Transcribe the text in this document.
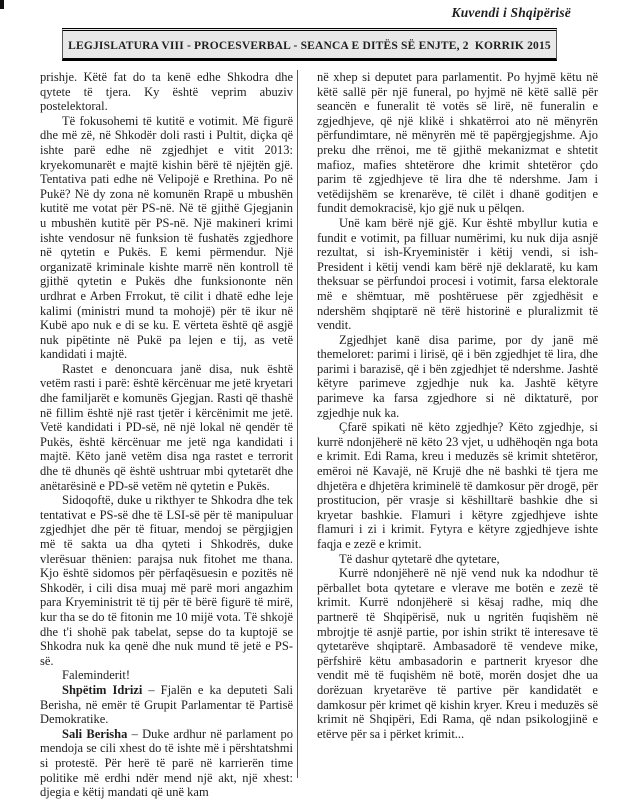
Kuvendi i Shqipërisë
LEGJISLATURA VIII - PROCESVERBAL - SEANCA E DITËS SË ENJTE, 2  KORRIK 2015

prishje. Këtë fat do ta kenë edhe Shkodra dhe qytete të tjera. Ky është veprim abuziv postelektoral.

Të fokusohemi të kutitë e votimit. Më figurë dhe më zë, në Shkodër doli rasti i Pultit, diçka që ishte parë edhe në zgjedhjet e vitit 2013: kryekomunarët e majtë kishin bërë të njëjtën gjë. Tentativa pati edhe në Velipojë e Rrethina. Po në Pukë? Në dy zona në komunën Rrapë u mbushën kutitë me votat për PS-në. Në të gjithë Gjegjanin u mbushën kutitë për PS-në. Një makineri krimi ishte vendosur në funksion të fushatës zgjedhore në qytetin e Pukës. E kemi përmendur. Një organizatë kriminale kishte marrë nën kontroll të gjithë qytetin e Pukës dhe funksiononte nën urdhrat e Arben Frrokut, të cilit i dhatë edhe leje kalimi (ministri mund ta mohojë) për të ikur në Kubë apo nuk e di se ku. E vërteta është që asgjë nuk pipëtinte në Pukë pa lejen e tij, as vetë kandidati i majtë.

Rastet e denoncuara janë disa, nuk është vetëm rasti i parë: është kërcënuar me jetë kryetari dhe familjarët e komunës Gjegjan. Rasti që thashë në fillim është një rast tjetër i kërcënimit me jetë. Vetë kandidati i PD-së, në një lokal në qendër të Pukës, është kërcënuar me jetë nga kandidati i majtë. Këto janë vetëm disa nga rastet e terrorit dhe të dhunës që është ushtruar mbi qytetarët dhe anëtarësinë e PD-së vetëm në qytetin e Pukës.

Sidoqoftë, duke u rikthyer te Shkodra dhe tek tentativat e PS-së dhe të LSI-së për të manipuluar zgjedhjet dhe për të fituar, mendoj se përgjigjen më të sakta ua dha qyteti i Shkodrës, duke vlerësuar thënien: parajsa nuk fitohet me thana. Kjo është sidomos për përfaqësuesin e pozitës në Shkodër, i cili disa muaj më parë mori angazhim para Kryeministrit të tij për të bërë figurë të mirë, kur tha se do të fitonin me 10 mijë vota. Të shkojë dhe t'i shohë pak tabelat, sepse do ta kuptojë se Shkodra nuk ka qenë dhe nuk mund të jetë e PS-së.

Faleminderit!

Shpëtim Idrizi – Fjalën e ka deputeti Sali Berisha, në emër të Grupit Parlamentar të Partisë Demokratike.

Sali Berisha – Duke ardhur në parlament po mendoja se cili xhest do të ishte më i përshtatshmi si protestë. Për herë të parë në karrierën time politike më erdhi ndër mend një akt, një xhest: djegia e këtij mandati që unë kam

në xhep si deputet para parlamentit. Po hyjmë këtu në këtë sallë për një funeral, po hyjmë në këtë sallë për seancën e funeralit të votës së lirë, në funeralin e zgjedhjeve, që një klikë i shkatërroi ato në mënyrën përfundimtare, në mënyrën më të papërgjegjshme. Ajo preku dhe rrënoi, me të gjithë mekanizmat e shtetit mafioz, mafies shtetërore dhe krimit shtetëror çdo parim të zgjedhjeve të lira dhe të ndershme. Jam i vetëdijshëm se krenarëve, të cilët i dhanë goditjen e fundit demokracisë, kjo gjë nuk u pëlqen.

Unë kam bërë një gjë. Kur është mbyllur kutia e fundit e votimit, pa filluar numërimi, ku nuk dija asnjë rezultat, si ish-Kryeministër i këtij vendi, si ish-President i këtij vendi kam bërë një deklaratë, ku kam theksuar se përfundoi procesi i votimit, farsa elektorale më e shëmtuar, më poshtëruese për zgjedhësit e ndershëm shqiptarë në tërë historinë e pluralizmit të vendit.

Zgjedhjet kanë disa parime, por dy janë më themeloret: parimi i lirisë, që i bën zgjedhjet të lira, dhe parimi i barazisë, që i bën zgjedhjet të ndershme. Jashtë këtyre parimeve zgjedhje nuk ka. Jashtë këtyre parimeve ka farsa zgjedhore si në diktaturë, por zgjedhje nuk ka.

Çfarë spikati në këto zgjedhje? Këto zgjedhje, si kurrë ndonjëherë në këto 23 vjet, u udhëhoqën nga bota e krimit. Edi Rama, kreu i meduzës së krimit shtetëror, emëroi në Kavajë, në Krujë dhe në bashki të tjera me dhjetëra e dhjetëra kriminelë të damkosur për drogë, për prostitucion, për vrasje si këshilltarë bashkie dhe si kryetar bashkie. Flamuri i këtyre zgjedhjeve ishte flamuri i zi i krimit. Fytyra e këtyre zgjedhjeve ishte faqja e zezë e krimit.

Të dashur qytetarë dhe qytetare,

Kurrë ndonjëherë në një vend nuk ka ndodhur të përballet bota qytetare e vlerave me botën e zezë të krimit. Kurrë ndonjëherë si kësaj radhe, miq dhe partnerë të Shqipërisë, nuk u ngritën fuqishëm në mbrojtje të asnjë partie, por ishin strikt të interesave të qytetarëve shqiptarë. Ambasadorë të vendeve mike, përfshirë këtu ambasadorin e partnerit kryesor dhe vendit më të fuqishëm në botë, morën dosjet dhe ua dorëzuan kryetarëve të partive për kandidatët e damkosur për krimet që kishin kryer. Kreu i meduzës së krimit në Shqipëri, Edi Rama, që ndan psikologjinë e etërve për sa i përket krimit...
